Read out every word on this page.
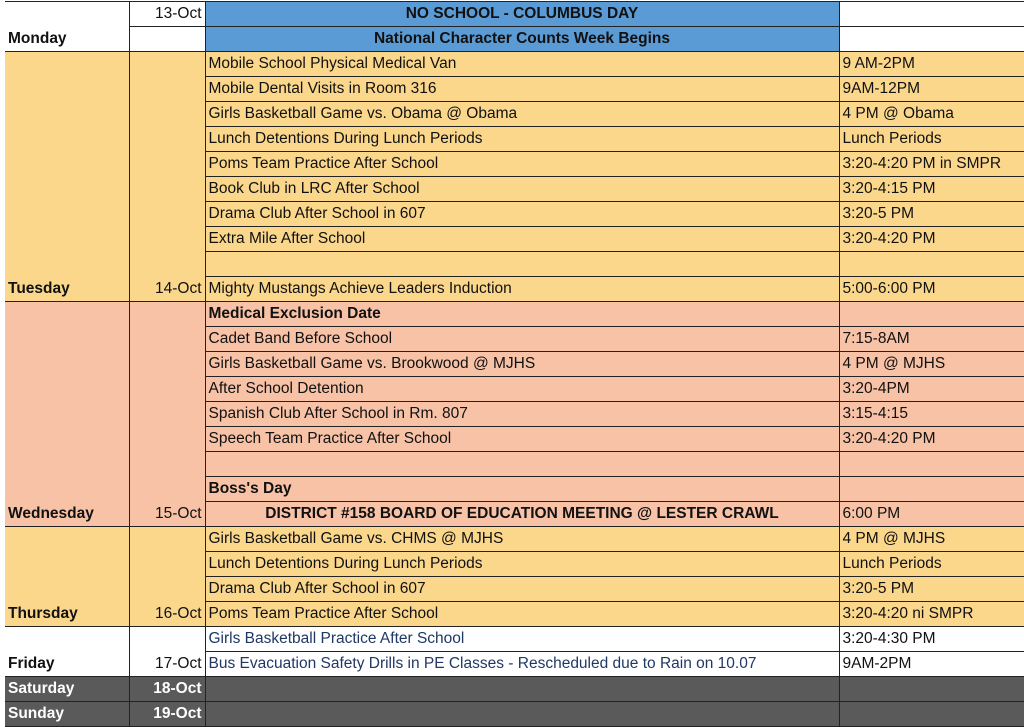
Monday	13-Oct	NO SCHOOL - COLUMBUS DAY	
		National Character Counts Week Begins	
Tuesday	14-Oct	Mobile School Physical Medical Van	9 AM-2PM
		Mobile Dental Visits in Room 316	9AM-12PM
		Girls Basketball Game vs. Obama @ Obama	4 PM @ Obama
		Lunch Detentions During Lunch Periods	Lunch Periods
		Poms Team Practice After School	3:20-4:20 PM in SMPR
		Book Club in LRC After School	3:20-4:15 PM
		Drama Club After School in 607	3:20-5 PM
		Extra Mile After School	3:20-4:20 PM

		Mighty Mustangs Achieve Leaders Induction	5:00-6:00 PM
Wednesday	15-Oct	Medical Exclusion Date	
		Cadet Band Before School	7:15-8AM
		Girls Basketball Game vs. Brookwood @ MJHS	4 PM @ MJHS
		After School Detention	3:20-4PM
		Spanish Club After School in Rm. 807	3:15-4:15
		Speech Team Practice After School	3:20-4:20 PM

		Boss's Day	
		DISTRICT #158 BOARD OF EDUCATION MEETING @ LESTER CRAWL	6:00 PM
Thursday	16-Oct	Girls Basketball Game vs. CHMS @ MJHS	4 PM @ MJHS
		Lunch Detentions During Lunch Periods	Lunch Periods
		Drama Club After School in 607	3:20-5 PM
		Poms Team Practice After School	3:20-4:20 ni SMPR
Friday	17-Oct	Girls Basketball Practice After School	3:20-4:30 PM
		Bus Evacuation Safety Drills in PE Classes - Rescheduled due to Rain on 10.07	9AM-2PM
Saturday	18-Oct		
Sunday	19-Oct		
